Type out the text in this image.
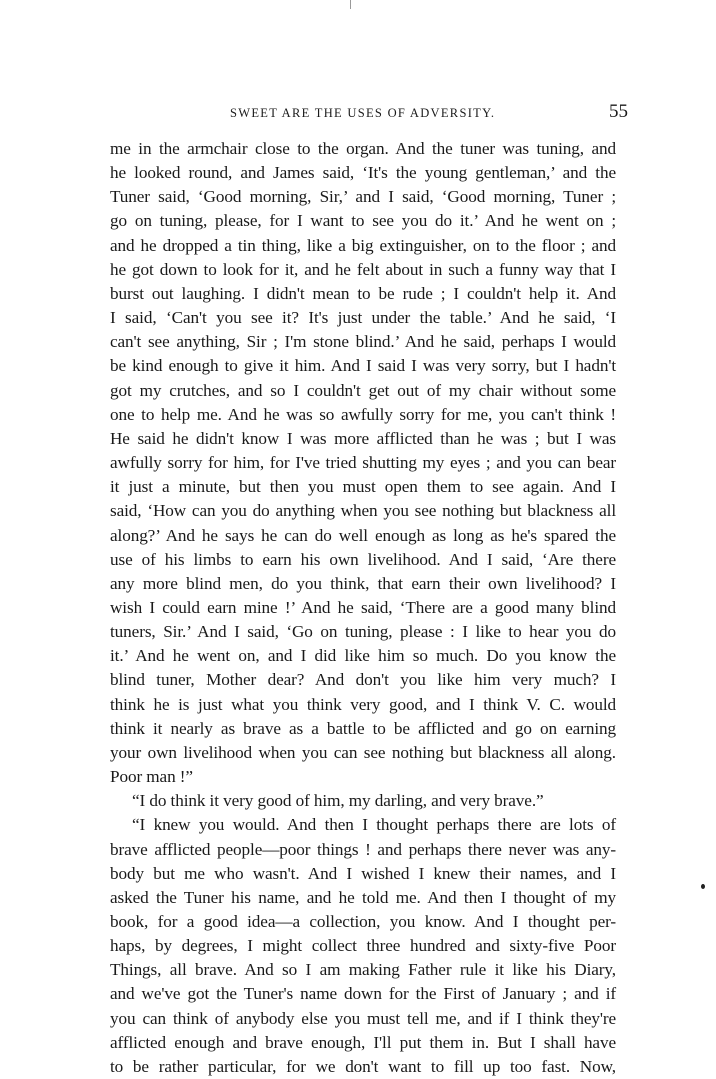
SWEET ARE THE USES OF ADVERSITY.	55
me in the armchair close to the organ. And the tuner was tuning, and
he looked round, and James said, ‘It's the young gentleman,’ and the
Tuner said, ‘Good morning, Sir,’ and I said, ‘Good morning, Tuner ;
go on tuning, please, for I want to see you do it.’ And he went on ;
and he dropped a tin thing, like a big extinguisher, on to the floor ; and
he got down to look for it, and he felt about in such a funny way that I
burst out laughing. I didn't mean to be rude ; I couldn't help it. And
I said, ‘Can't you see it? It's just under the table.’ And he said, ‘I
can't see anything, Sir ; I'm stone blind.’ And he said, perhaps I would
be kind enough to give it him. And I said I was very sorry, but I hadn't
got my crutches, and so I couldn't get out of my chair without some
one to help me. And he was so awfully sorry for me, you can't think !
He said he didn't know I was more afflicted than he was ; but I was
awfully sorry for him, for I've tried shutting my eyes ; and you can bear
it just a minute, but then you must open them to see again. And I
said, ‘How can you do anything when you see nothing but blackness all
along?’ And he says he can do well enough as long as he's spared the
use of his limbs to earn his own livelihood. And I said, ‘Are there
any more blind men, do you think, that earn their own livelihood? I
wish I could earn mine !’ And he said, ‘There are a good many blind
tuners, Sir.’ And I said, ‘Go on tuning, please : I like to hear you do
it.’ And he went on, and I did like him so much. Do you know the
blind tuner, Mother dear? And don't you like him very much? I
think he is just what you think very good, and I think V. C. would
think it nearly as brave as a battle to be afflicted and go on earning
your own livelihood when you can see nothing but blackness all along.
Poor man !”
“I do think it very good of him, my darling, and very brave.”
“I knew you would. And then I thought perhaps there are lots of
brave afflicted people—poor things ! and perhaps there never was any-
body but me who wasn't. And I wished I knew their names, and I
asked the Tuner his name, and he told me. And then I thought of my
book, for a good idea—a collection, you know. And I thought per-
haps, by degrees, I might collect three hundred and sixty-five Poor
Things, all brave. And so I am making Father rule it like his Diary,
and we've got the Tuner's name down for the First of January ; and if
you can think of anybody else you must tell me, and if I think they're
afflicted enough and brave enough, I'll put them in. But I shall have
to be rather particular, for we don't want to fill up too fast. Now,
